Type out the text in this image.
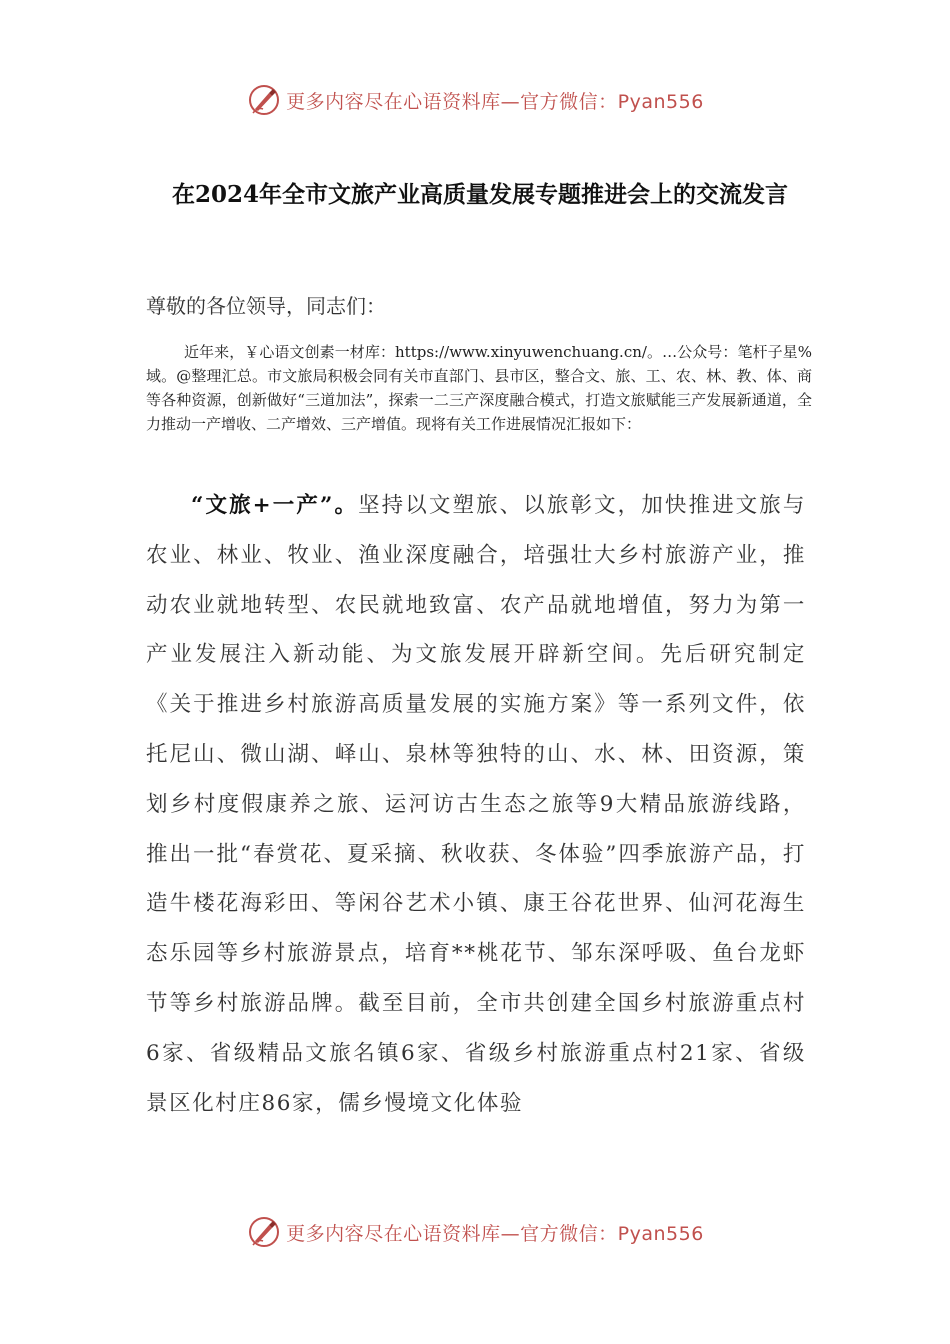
更多内容尽在心语资料库—官方微信：Pyan556
在2024年全市文旅产业高质量发展专题推进会上的交流发言
尊敬的各位领导，同志们：
近年来，￥心语文创素一材库：https://www.xinyuwenchuang.cn/。…公众号：笔杆子星%域。@整理汇总。市文旅局积极会同有关市直部门、县市区，整合文、旅、工、农、林、教、体、商等各种资源，创新做好“三道加法”，探索一二三产深度融合模式，打造文旅赋能三产发展新通道，全力推动一产增收、二产增效、三产增值。现将有关工作进展情况汇报如下：
“文旅+一产”。坚持以文塑旅、以旅彰文，加快推进文旅与农业、林业、牧业、渔业深度融合，培强壮大乡村旅游产业，推动农业就地转型、农民就地致富、农产品就地增值，努力为第一产业发展注入新动能、为文旅发展开辟新空间。先后研究制定《关于推进乡村旅游高质量发展的实施方案》等一系列文件，依托尼山、微山湖、峄山、泉林等独特的山、水、林、田资源，策划乡村度假康养之旅、运河访古生态之旅等9大精品旅游线路，推出一批“春赏花、夏采摘、秋收获、冬体验”四季旅游产品，打造牛楼花海彩田、等闲谷艺术小镇、康王谷花世界、仙河花海生态乐园等乡村旅游景点，培育**桃花节、邹东深呼吸、鱼台龙虾节等乡村旅游品牌。截至目前，全市共创建全国乡村旅游重点村6家、省级精品文旅名镇6家、省级乡村旅游重点村21家、省级景区化村庄86家，儒乡慢境文化体验
更多内容尽在心语资料库—官方微信：Pyan556
